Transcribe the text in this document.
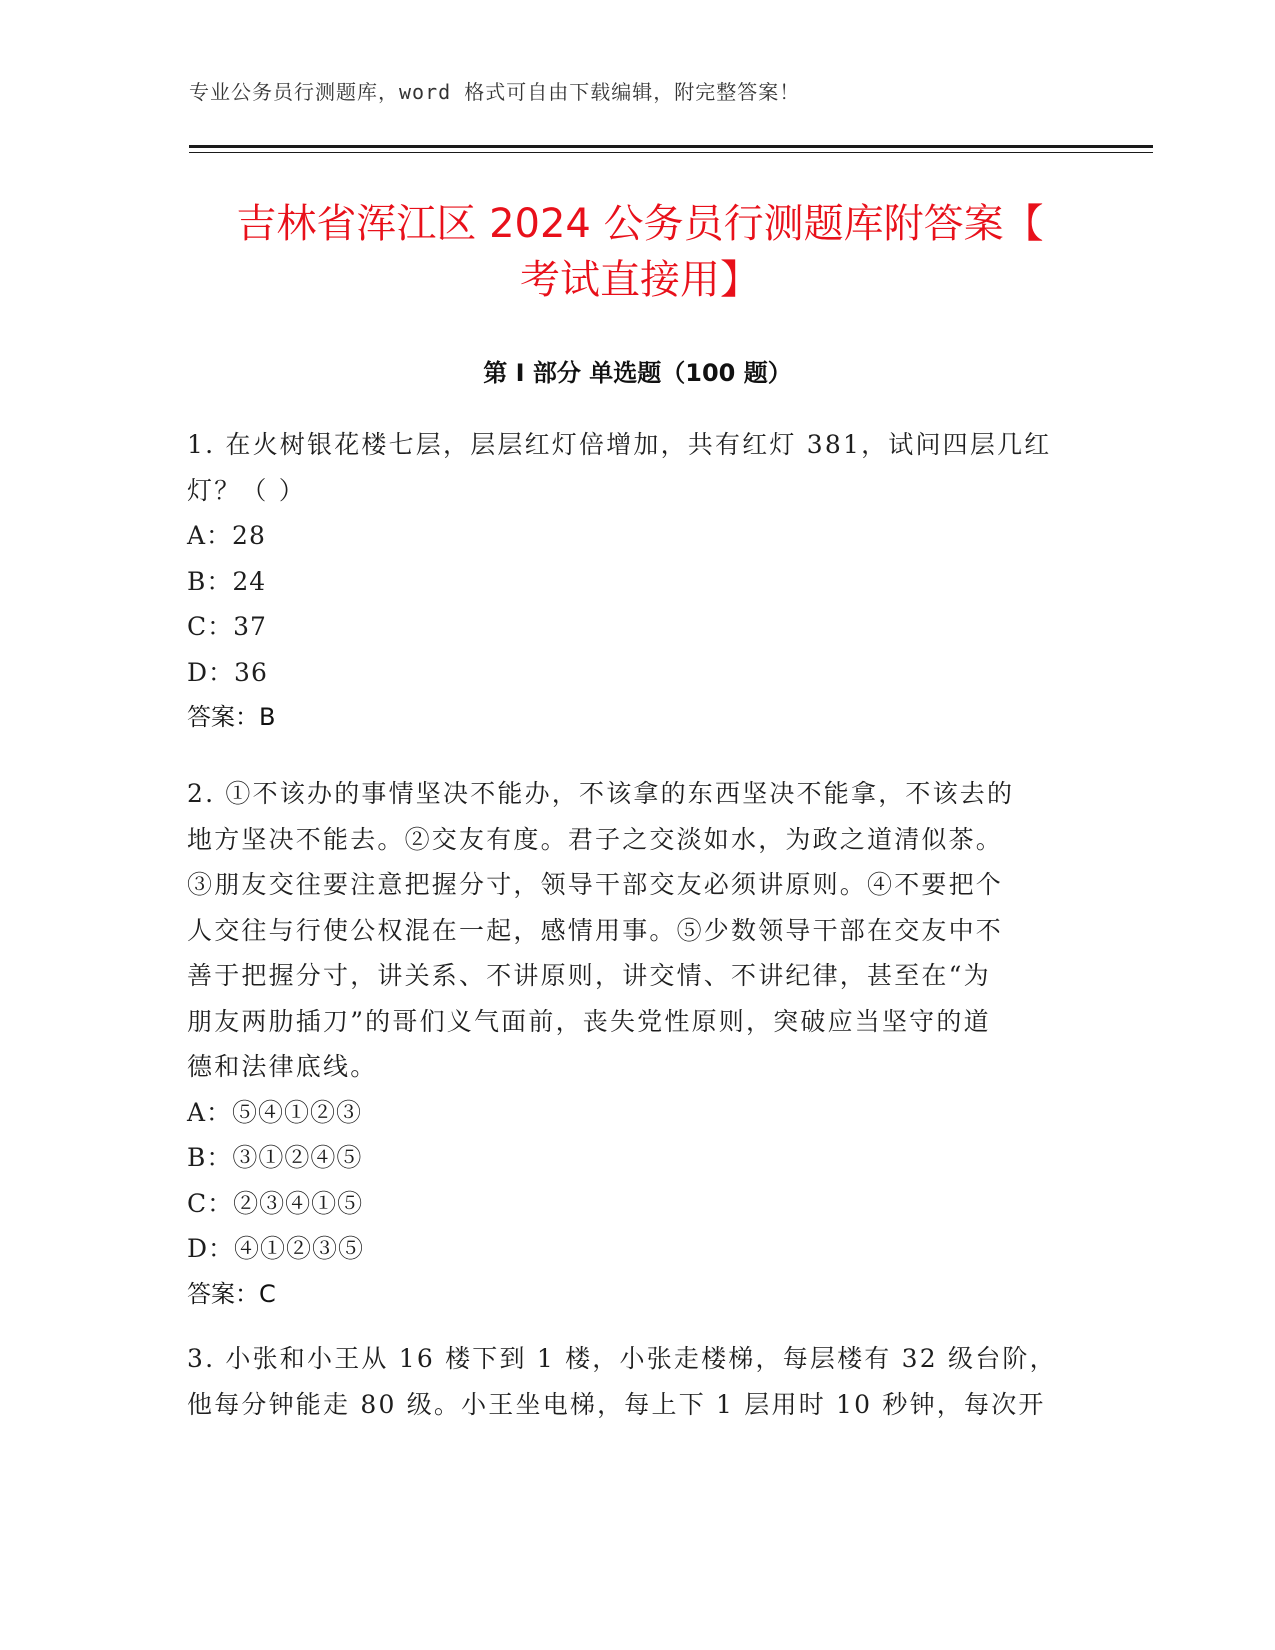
专业公务员行测题库，word 格式可自由下载编辑，附完整答案！
吉林省浑江区 2024 公务员行测题库附答案【
考试直接用】
第 I 部分 单选题（100 题）

1. 在火树银花楼七层，层层红灯倍增加，共有红灯 381，试问四层几红
灯？（ ）

A：28

B：24

C：37

D：36

答案：B

2. ①不该办的事情坚决不能办，不该拿的东西坚决不能拿，不该去的
地方坚决不能去。②交友有度。君子之交淡如水，为政之道清似茶。
③朋友交往要注意把握分寸，领导干部交友必须讲原则。④不要把个
人交往与行使公权混在一起，感情用事。⑤少数领导干部在交友中不
善于把握分寸，讲关系、不讲原则，讲交情、不讲纪律，甚至在“为
朋友两肋插刀”的哥们义气面前，丧失党性原则，突破应当坚守的道
德和法律底线。

A：⑤④①②③

B：③①②④⑤

C：②③④①⑤

D：④①②③⑤

答案：C

3. 小张和小王从 16 楼下到 1 楼，小张走楼梯，每层楼有 32 级台阶，
他每分钟能走 80 级。小王坐电梯，每上下 1 层用时 10 秒钟，每次开
